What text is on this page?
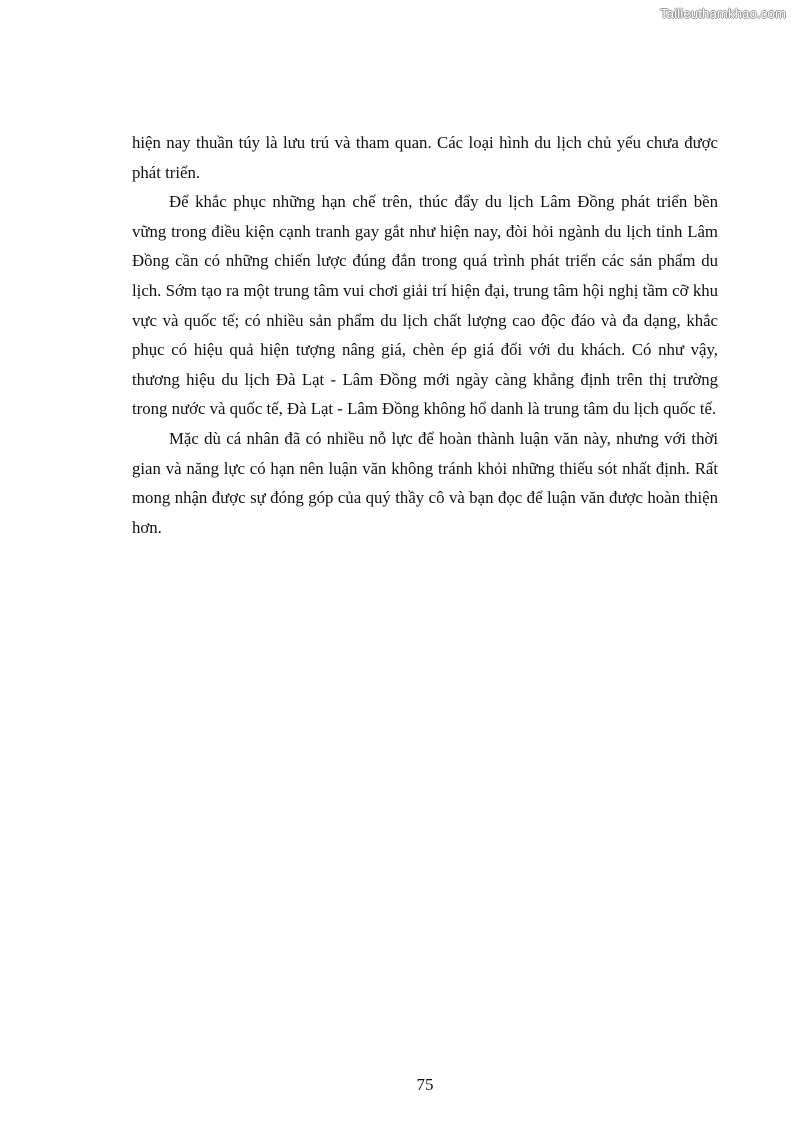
Tailieuthamkhao.com

hiện nay thuần túy là lưu trú và tham quan. Các loại hình du lịch chủ yếu chưa được phát triển.

Để khắc phục những hạn chế trên, thúc đẩy du lịch Lâm Đồng phát triển bền vững trong điều kiện cạnh tranh gay gắt như hiện nay, đòi hỏi ngành du lịch tỉnh Lâm Đồng cần có những chiến lược đúng đắn trong quá trình phát triển các sản phẩm du lịch. Sớm tạo ra một trung tâm vui chơi giải trí hiện đại, trung tâm hội nghị tầm cỡ khu vực và quốc tế; có nhiều sản phẩm du lịch chất lượng cao độc đáo và đa dạng, khắc phục có hiệu quả hiện tượng nâng giá, chèn ép giá đối với du khách. Có như vậy, thương hiệu du lịch Đà Lạt - Lâm Đồng mới ngày càng khẳng định trên thị trường trong nước và quốc tế, Đà Lạt - Lâm Đồng không hổ danh là trung tâm du lịch quốc tế.

Mặc dù cá nhân đã có nhiều nỗ lực để hoàn thành luận văn này, nhưng với thời gian và năng lực có hạn nên luận văn không tránh khỏi những thiếu sót nhất định. Rất mong nhận được sự đóng góp của quý thầy cô và bạn đọc để luận văn được hoàn thiện hơn.

75
